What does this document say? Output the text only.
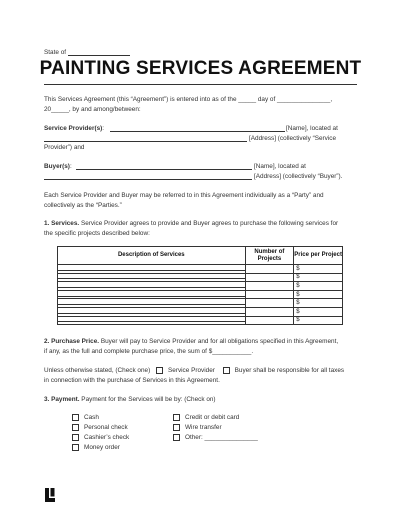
State of
PAINTING SERVICES AGREEMENT
This Services Agreement (this “Agreement”) is entered into as of the _____ day of _______________,
20_____, by and among/between:
Service Provider(s):	[Name], located at
[Address] (collectively “Service
Provider”) and
Buyer(s):	[Name], located at
[Address] (collectively “Buyer”).
Each Service Provider and Buyer may be referred to in this Agreement individually as a “Party” and
collectively as the “Parties.”
1. Services. Service Provider agrees to provide and Buyer agrees to purchase the following services for
the specific projects described below:
Description of Services	Number of Projects	Price per Project

		$

		$

		$

		$

		$

		$

		$
2. Purchase Price. Buyer will pay to Service Provider and for all obligations specified in this Agreement,
if any, as the full and complete purchase price, the sum of $___________.
Unless otherwise stated, (Check one)	Service Provider	Buyer shall be responsible for all taxes
in connection with the purchase of Services in this Agreement.
3. Payment. Payment for the Services will be by: (Check on)
Cash
Personal check
Cashier’s check
Money order
Credit or debit card
Wire transfer
Other: _______________
